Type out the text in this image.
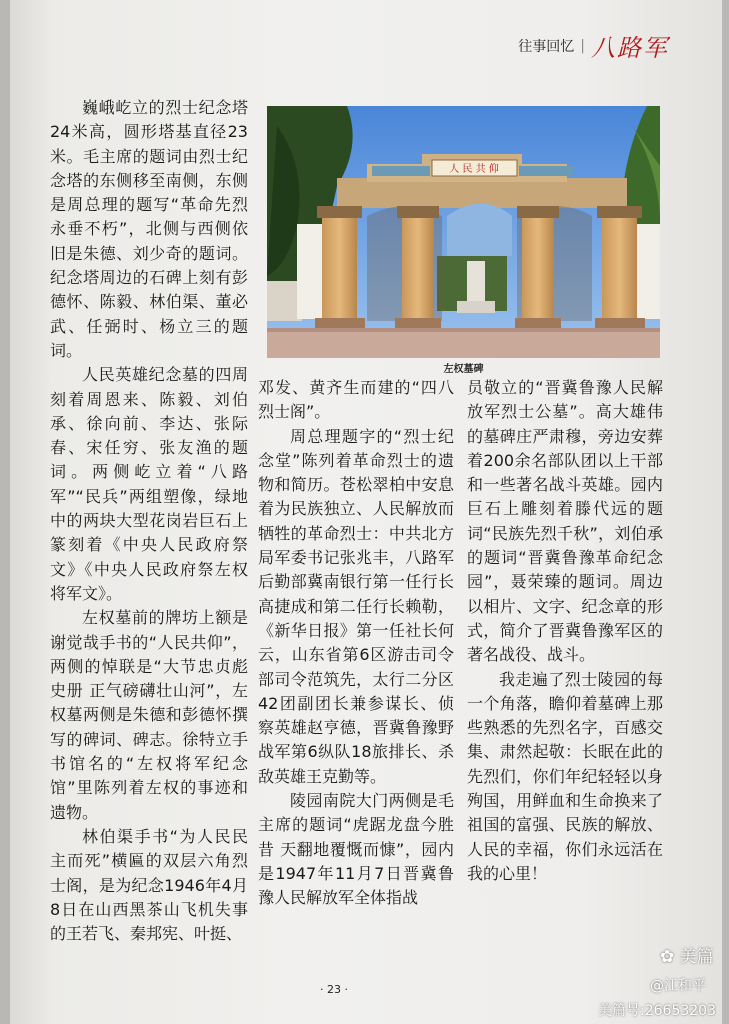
往事回忆 | 八路军

巍峨屹立的烈士纪念塔24米高，圆形塔基直径23米。毛主席的题词由烈士纪念塔的东侧移至南侧，东侧是周总理的题写“革命先烈永垂不朽”，北侧与西侧依旧是朱德、刘少奇的题词。纪念塔周边的石碑上刻有彭德怀、陈毅、林伯渠、董必武、任弼时、杨立三的题词。

人民英雄纪念墓的四周刻着周恩来、陈毅、刘伯承、徐向前、李达、张际春、宋任穷、张友渔的题词。两侧屹立着“八路军”“民兵”两组塑像，绿地中的两块大型花岗岩巨石上篆刻着《中央人民政府祭文》《中央人民政府祭左权将军文》。

左权墓前的牌坊上额是谢觉哉手书的“人民共仰”，两侧的悼联是“大节忠贞彪史册 正气磅礴壮山河”，左权墓两侧是朱德和彭德怀撰写的碑词、碑志。徐特立手书馆名的“左权将军纪念馆”里陈列着左权的事迹和遗物。

林伯渠手书“为人民民主而死”横匾的双层六角烈士阁，是为纪念1946年4月8日在山西黑茶山飞机失事的王若飞、秦邦宪、叶挺、

人 民 共 仰
左权墓碑

邓发、黄齐生而建的“四八烈士阁”。

周总理题字的“烈士纪念堂”陈列着革命烈士的遗物和简历。苍松翠柏中安息着为民族独立、人民解放而牺牲的革命烈士：中共北方局军委书记张兆丰，八路军后勤部冀南银行第一任行长高捷成和第二任行长赖勒，《新华日报》第一任社长何云，山东省第6区游击司令部司令范筑先，太行二分区42团副团长兼参谋长、侦察英雄赵亨德，晋冀鲁豫野战军第6纵队18旅排长、杀敌英雄王克勤等。

陵园南院大门两侧是毛主席的题词“虎踞龙盘今胜昔 天翻地覆慨而慷”，园内是1947年11月7日晋冀鲁豫人民解放军全体指战

员敬立的“晋冀鲁豫人民解放军烈士公墓”。高大雄伟的墓碑庄严肃穆，旁边安葬着200余名部队团以上干部和一些著名战斗英雄。园内巨石上雕刻着滕代远的题词“民族先烈千秋”，刘伯承的题词“晋冀鲁豫革命纪念园”，聂荣臻的题词。周边以相片、文字、纪念章的形式，简介了晋冀鲁豫军区的著名战役、战斗。

我走遍了烈士陵园的每一个角落，瞻仰着墓碑上那些熟悉的先烈名字，百感交集、肃然起敬：长眠在此的先烈们，你们年纪轻轻以身殉国，用鲜血和生命换来了祖国的富强、民族的解放、人民的幸福，你们永远活在我的心里！

· 23 ·
✿ 美篇
@江和平
美篇号:26653203
